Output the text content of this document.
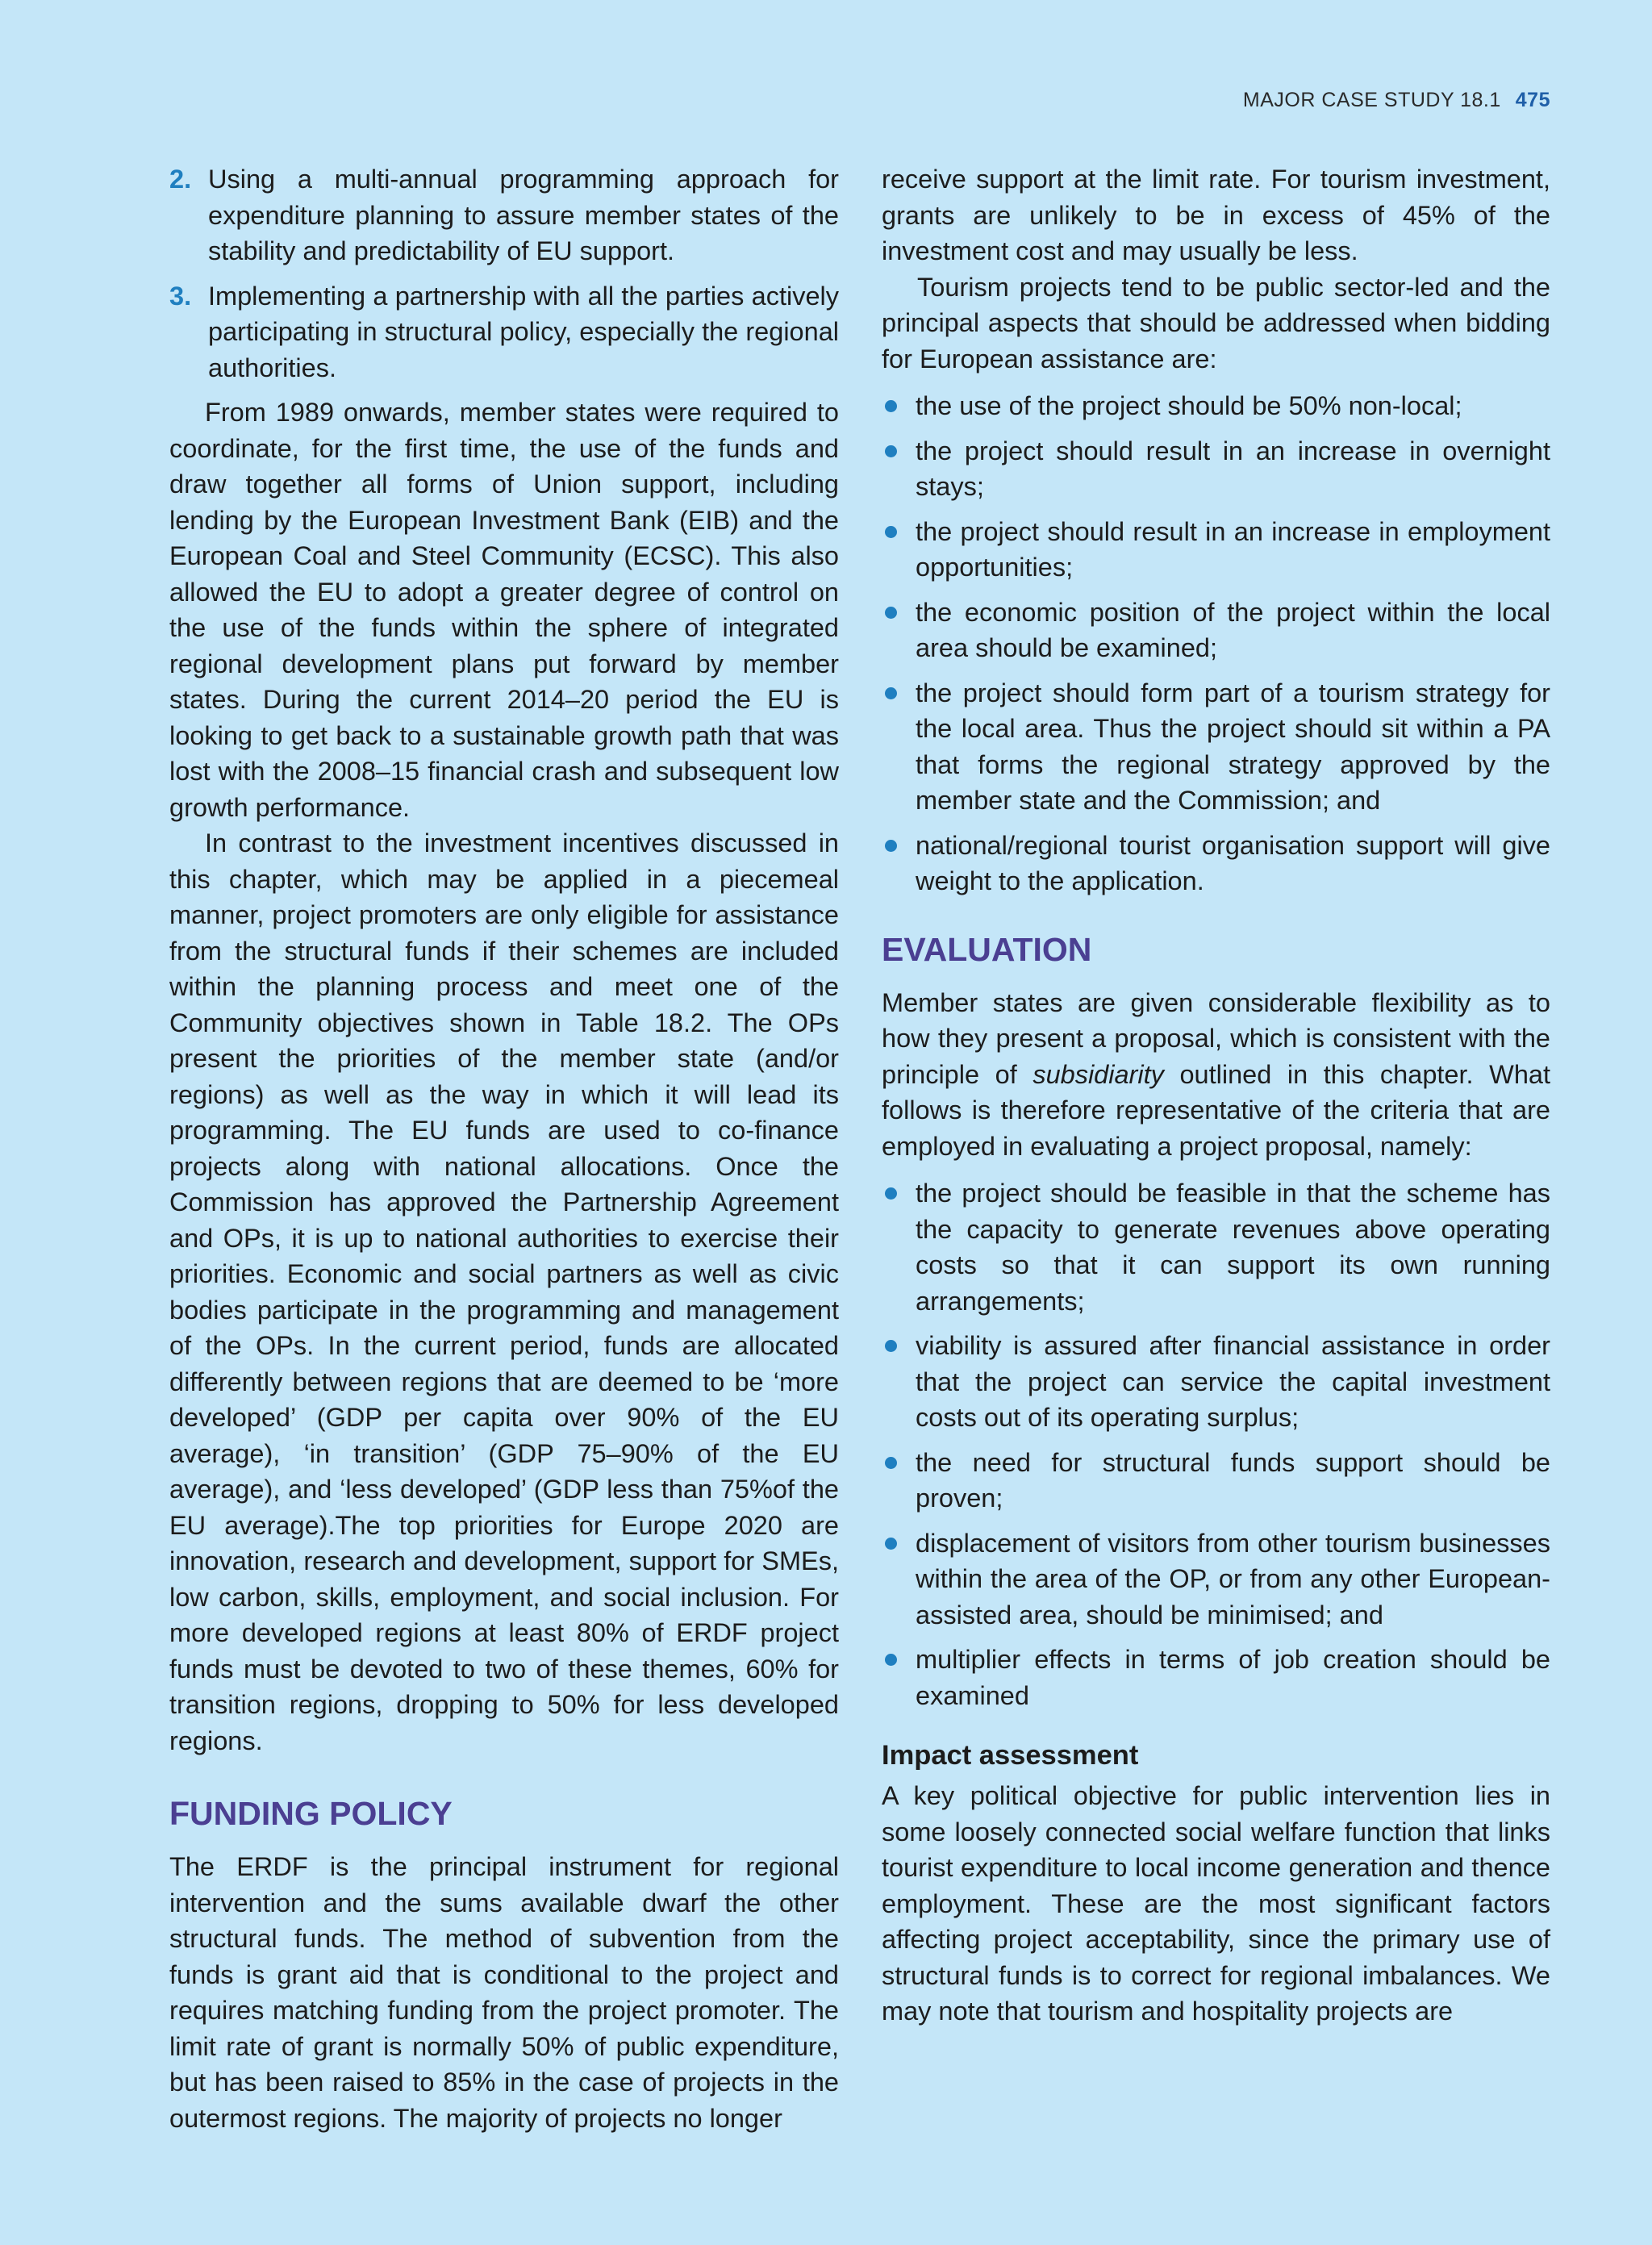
MAJOR CASE STUDY 18.1 475
2. Using a multi-annual programming approach for expenditure planning to assure member states of the stability and predictability of EU support.
3. Implementing a partnership with all the parties actively participating in structural policy, especially the regional authorities.

From 1989 onwards, member states were required to coordinate, for the first time, the use of the funds and draw together all forms of Union support, including lending by the European Investment Bank (EIB) and the European Coal and Steel Community (ECSC). This also allowed the EU to adopt a greater degree of control on the use of the funds within the sphere of integrated regional development plans put forward by member states. During the current 2014–20 period the EU is looking to get back to a sustainable growth path that was lost with the 2008–15 financial crash and subsequent low growth performance.

In contrast to the investment incentives discussed in this chapter, which may be applied in a piecemeal manner, project promoters are only eligible for assistance from the structural funds if their schemes are included within the planning process and meet one of the Community objectives shown in Table 18.2. The OPs present the priorities of the member state (and/or regions) as well as the way in which it will lead its programming. The EU funds are used to co-finance projects along with national allocations. Once the Commission has approved the Partnership Agreement and OPs, it is up to national authorities to exercise their priorities. Economic and social partners as well as civic bodies participate in the programming and management of the OPs. In the current period, funds are allocated differently between regions that are deemed to be ‘more developed’ (GDP per capita over 90% of the EU average), ‘in transition’ (GDP 75–90% of the EU average), and ‘less developed’ (GDP less than 75%of the EU average).The top priorities for Europe 2020 are innovation, research and development, support for SMEs, low carbon, skills, employment, and social inclusion. For more developed regions at least 80% of ERDF project funds must be devoted to two of these themes, 60% for transition regions, dropping to 50% for less developed regions.

FUNDING POLICY

The ERDF is the principal instrument for regional intervention and the sums available dwarf the other structural funds. The method of subvention from the funds is grant aid that is conditional to the project and requires matching funding from the project promoter. The limit rate of grant is normally 50% of public expenditure, but has been raised to 85% in the case of projects in the outermost regions. The majority of projects no longer

receive support at the limit rate. For tourism investment, grants are unlikely to be in excess of 45% of the investment cost and may usually be less.

Tourism projects tend to be public sector-led and the principal aspects that should be addressed when bidding for European assistance are:

the use of the project should be 50% non-local;
the project should result in an increase in overnight stays;
the project should result in an increase in employment opportunities;
the economic position of the project within the local area should be examined;
the project should form part of a tourism strategy for the local area. Thus the project should sit within a PA that forms the regional strategy approved by the member state and the Commission; and
national/regional tourist organisation support will give weight to the application.
EVALUATION

Member states are given considerable flexibility as to how they present a proposal, which is consistent with the principle of subsidiarity outlined in this chapter. What follows is therefore representative of the criteria that are employed in evaluating a project proposal, namely:

the project should be feasible in that the scheme has the capacity to generate revenues above operating costs so that it can support its own running arrangements;
viability is assured after financial assistance in order that the project can service the capital investment costs out of its operating surplus;
the need for structural funds support should be proven;
displacement of visitors from other tourism businesses within the area of the OP, or from any other European-assisted area, should be minimised; and
multiplier effects in terms of job creation should be examined
Impact assessment

A key political objective for public intervention lies in some loosely connected social welfare function that links tourist expenditure to local income generation and thence employment. These are the most significant factors affecting project acceptability, since the primary use of structural funds is to correct for regional imbalances. We may note that tourism and hospitality projects are
